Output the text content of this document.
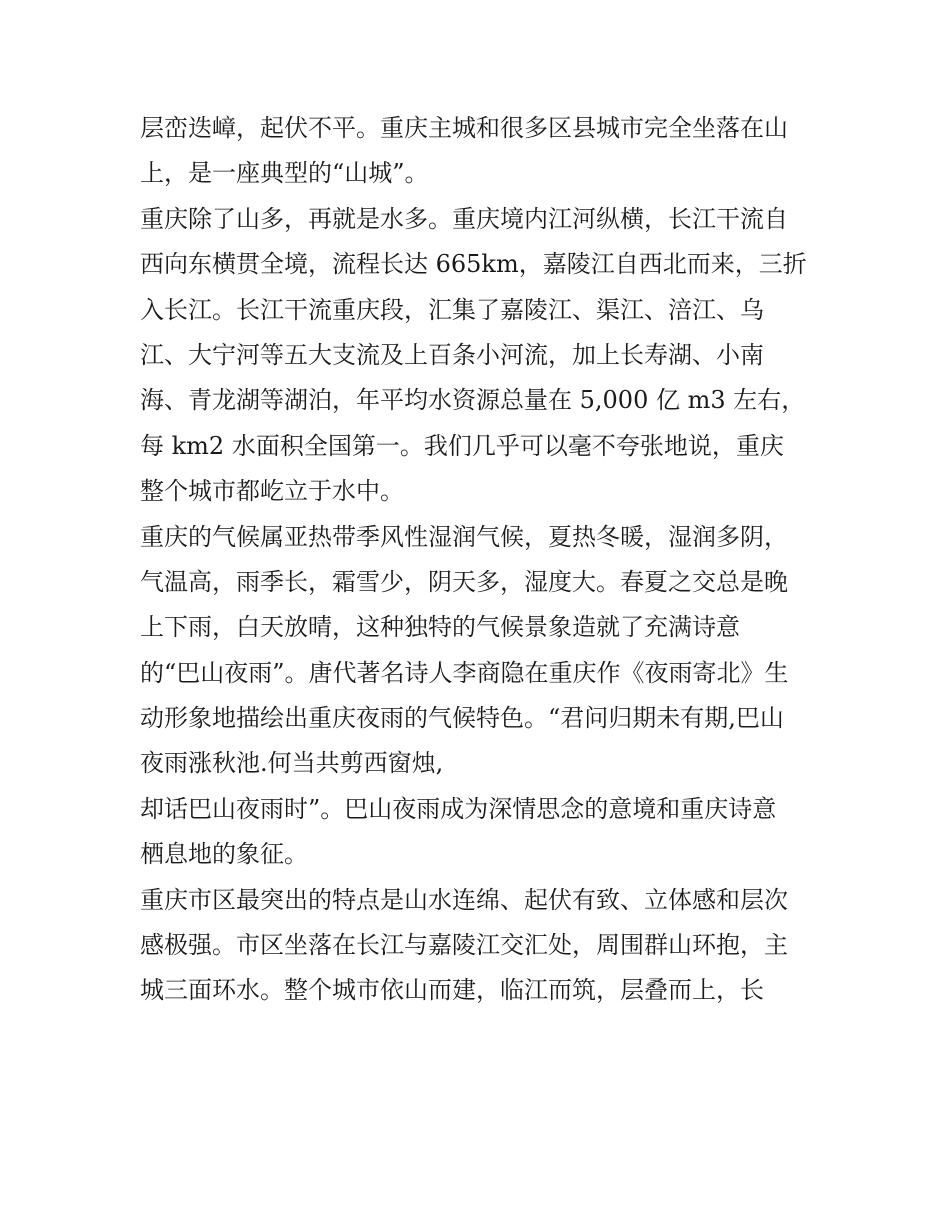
层峦迭嶂，起伏不平。重庆主城和很多区县城市完全坐落在山
上，是一座典型的“山城”。
重庆除了山多，再就是水多。重庆境内江河纵横，长江干流自
西向东横贯全境，流程长达 665km，嘉陵江自西北而来，三折
入长江。长江干流重庆段，汇集了嘉陵江、渠江、涪江、乌
江、大宁河等五大支流及上百条小河流，加上长寿湖、小南
海、青龙湖等湖泊，年平均水资源总量在 5,000 亿 m3 左右，
每 km2 水面积全国第一。我们几乎可以毫不夸张地说，重庆
整个城市都屹立于水中。
重庆的气候属亚热带季风性湿润气候，夏热冬暖，湿润多阴，
气温高，雨季长，霜雪少，阴天多，湿度大。春夏之交总是晚
上下雨，白天放晴，这种独特的气候景象造就了充满诗意
的“巴山夜雨”。唐代著名诗人李商隐在重庆作《夜雨寄北》生
动形象地描绘出重庆夜雨的气候特色。“君问归期未有期,巴山
夜雨涨秋池.何当共剪西窗烛,
却话巴山夜雨时”。巴山夜雨成为深情思念的意境和重庆诗意
栖息地的象征。
重庆市区最突出的特点是山水连绵、起伏有致、立体感和层次
感极强。市区坐落在长江与嘉陵江交汇处，周围群山环抱，主
城三面环水。整个城市依山而建，临江而筑，层叠而上，长
